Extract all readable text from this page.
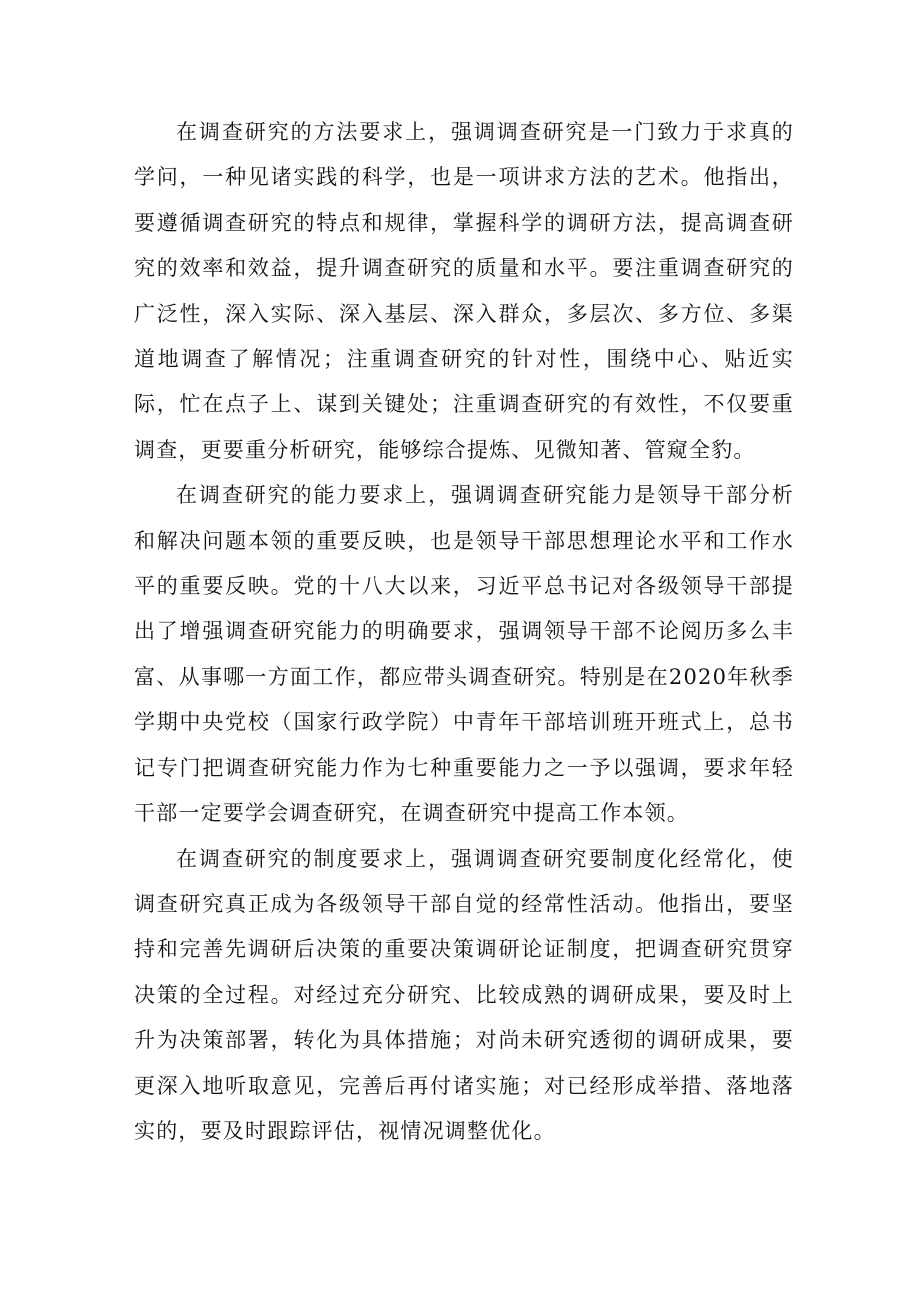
在调查研究的方法要求上，强调调查研究是一门致力于求真的学问，一种见诸实践的科学，也是一项讲求方法的艺术。他指出，要遵循调查研究的特点和规律，掌握科学的调研方法，提高调查研究的效率和效益，提升调查研究的质量和水平。要注重调查研究的广泛性，深入实际、深入基层、深入群众，多层次、多方位、多渠道地调查了解情况；注重调查研究的针对性，围绕中心、贴近实际，忙在点子上、谋到关键处；注重调查研究的有效性，不仅要重调查，更要重分析研究，能够综合提炼、见微知著、管窥全豹。

在调查研究的能力要求上，强调调查研究能力是领导干部分析和解决问题本领的重要反映，也是领导干部思想理论水平和工作水平的重要反映。党的十八大以来，习近平总书记对各级领导干部提出了增强调查研究能力的明确要求，强调领导干部不论阅历多么丰富、从事哪一方面工作，都应带头调查研究。特别是在2020年秋季学期中央党校（国家行政学院）中青年干部培训班开班式上，总书记专门把调查研究能力作为七种重要能力之一予以强调，要求年轻干部一定要学会调查研究，在调查研究中提高工作本领。

在调查研究的制度要求上，强调调查研究要制度化经常化，使调查研究真正成为各级领导干部自觉的经常性活动。他指出，要坚持和完善先调研后决策的重要决策调研论证制度，把调查研究贯穿决策的全过程。对经过充分研究、比较成熟的调研成果，要及时上升为决策部署，转化为具体措施；对尚未研究透彻的调研成果，要更深入地听取意见，完善后再付诸实施；对已经形成举措、落地落实的，要及时跟踪评估，视情况调整优化。
